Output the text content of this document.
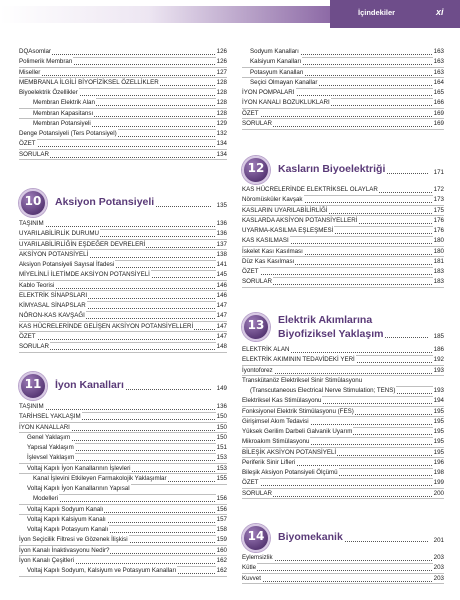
İçindekiler	xi
DQAsomlar	126
Polimerik Membran	126
Miseller	127
MEMBRANLA İLGİLİ BİYOFİZİKSEL ÖZELLİKLER	128
Biyoelektrik Özellikler	128
Membran Elektrik Alan	128
Membran Kapasitansı	128
Membran Potansiyeli	129
Denge Potansiyeli (Ters Potansiyel)	132
ÖZET	134
SORULAR	134
10	Aksiyon Potansiyeli	135
TAŞINIM	136
UYARILABİLİRLİK DURUMU	136
UYARILABİLİRLİĞİN EŞDEĞER DEVRELERİ	137
AKSİYON POTANSİYELİ	138
Aksiyon Potansiyeli Sayısal İfadesi	141
MİYELİNLİ İLETİMDE AKSİYON POTANSİYELİ	145
Kablo Teorisi	146
ELEKTRİK SİNAPSLARI	146
KİMYASAL SİNAPSLAR	147
NÖRON-KAS KAVŞAĞI	147
KAS HÜCRELERİNDE GELİŞEN AKSİYON POTANSİYELLERİ	147
ÖZET	147
SORULAR	148
11	İyon Kanalları	149
TAŞINIM	136
TARİHSEL YAKLAŞIM	150
İYON KANALLARI	150
Genel Yaklaşım	150
Yapısal Yaklaşım	151
İşlevsel Yaklaşım	153
Voltaj Kapılı İyon Kanallarının İşlevleri	153
Kanal İşlevini Etkileyen Farmakolojik Yaklaşımlar	155
Voltaj Kapılı İyon Kanallarının Yapısal
Modelleri	156
Voltaj Kapılı Sodyum Kanalı	156
Voltaj Kapılı Kalsiyum Kanalı	157
Voltaj Kapılı Potasyum Kanalı	158
İyon Seçicilik Filtresi ve Gözenek İlişkisi	159
İyon Kanalı İnaktivasyonu Nedir?	160
İyon Kanalı Çeşitleri	162
Voltaj Kapılı Sodyum, Kalsiyum ve Potasyum Kanalları	162
Sodyum Kanalları	163
Kalsiyum Kanalları	163
Potasyum Kanalları	163
Seçici Olmayan Kanallar	164
İYON POMPALARI	165
İYON KANALI BOZUKLUKLARI	166
ÖZET	169
SORULAR	169
12	Kasların Biyoelektriği	171
KAS HÜCRELERİNDE ELEKTRİKSEL OLAYLAR	172
Nöromüsküler Kavşak	173
KASLARIN UYARILABİLİRLİĞİ	175
KASLARDA AKSİYON POTANSİYELLERİ	176
UYARMA-KASILMA EŞLEŞMESİ	176
KAS KASILMASI	180
İskelet Kası Kasılması	180
Düz Kas Kasılması	181
ÖZET	183
SORULAR	183
13	Elektrik Akımlarına
Biyofiziksel Yaklaşım	185
ELEKTRİK ALAN	186
ELEKTRİK AKIMININ TEDAVİDEKİ YERİ	192
İyontoforez	193
Transkütanöz Elektriksel Sinir Stimülasyonu
(Transcutaneous Electrical Nerve Stimulation; TENS)	193
Elektriksel Kas Stimülasyonu	194
Fonksiyonel Elektrik Stimülasyonu (FES)	195
Girişimsel Akım Tedavisi	195
Yüksek Gerilim Darbeli Galvanik Uyarım	195
Mikroakım Stimülasyonu	195
BİLEŞİK AKSİYON POTANSİYELİ	195
Periferik Sinir Lifleri	196
Bileşik Aksiyon Potansiyeli Ölçümü	198
ÖZET	199
SORULAR	200
14	Biyomekanik	201
Eylemsizlik	203
Kütle	203
Kuvvet	203
